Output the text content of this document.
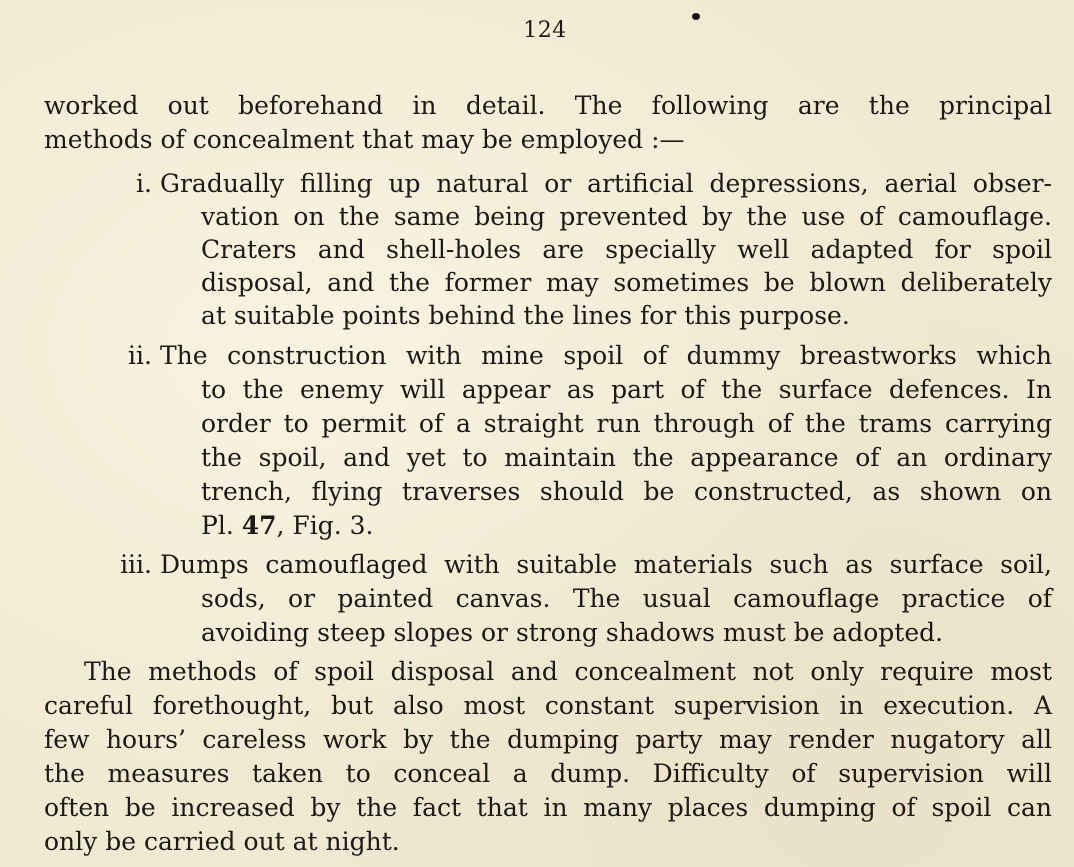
124
worked out beforehand in detail. The following are the principal
methods of concealment that may be employed :—
i. Gradually filling up natural or artificial depressions, aerial obser-
vation on the same being prevented by the use of camouflage.
Craters and shell-holes are specially well adapted for spoil
disposal, and the former may sometimes be blown deliberately
at suitable points behind the lines for this purpose.
ii. The construction with mine spoil of dummy breastworks which
to the enemy will appear as part of the surface defences. In
order to permit of a straight run through of the trams carrying
the spoil, and yet to maintain the appearance of an ordinary
trench, flying traverses should be constructed, as shown on
Pl. 47, Fig. 3.
iii. Dumps camouflaged with suitable materials such as surface soil,
sods, or painted canvas. The usual camouflage practice of
avoiding steep slopes or strong shadows must be adopted.
The methods of spoil disposal and concealment not only require most
careful forethought, but also most constant supervision in execution. A
few hours’ careless work by the dumping party may render nugatory all
the measures taken to conceal a dump. Difficulty of supervision will
often be increased by the fact that in many places dumping of spoil can
only be carried out at night.
